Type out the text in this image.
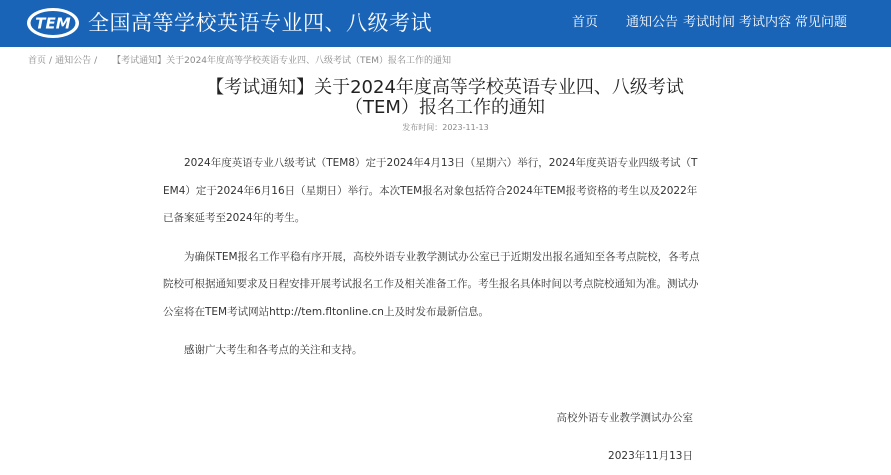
TEM 全国高等学校英语专业四、八级考试	首页 通知公告 考试时间 考试内容 常见问题
首页 / 通知公告 / 【考试通知】关于2024年度高等学校英语专业四、八级考试（TEM）报名工作的通知
【考试通知】关于2024年度高等学校英语专业四、八级考试
（TEM）报名工作的通知
发布时间：2023-11-13

2024年度英语专业八级考试（TEM8）定于2024年4月13日（星期六）举行，2024年度英语专业四级考试（TEM4）定于2024年6月16日（星期日）举行。本次TEM报名对象包括符合2024年TEM报考资格的考生以及2022年已备案延考至2024年的考生。

为确保TEM报名工作平稳有序开展，高校外语专业教学测试办公室已于近期发出报名通知至各考点院校，各考点院校可根据通知要求及日程安排开展考试报名工作及相关准备工作。考生报名具体时间以考点院校通知为准。测试办公室将在TEM考试网站http://tem.fltonline.cn上及时发布最新信息。

感谢广大考生和各考点的关注和支持。

高校外语专业教学测试办公室
2023年11月13日
